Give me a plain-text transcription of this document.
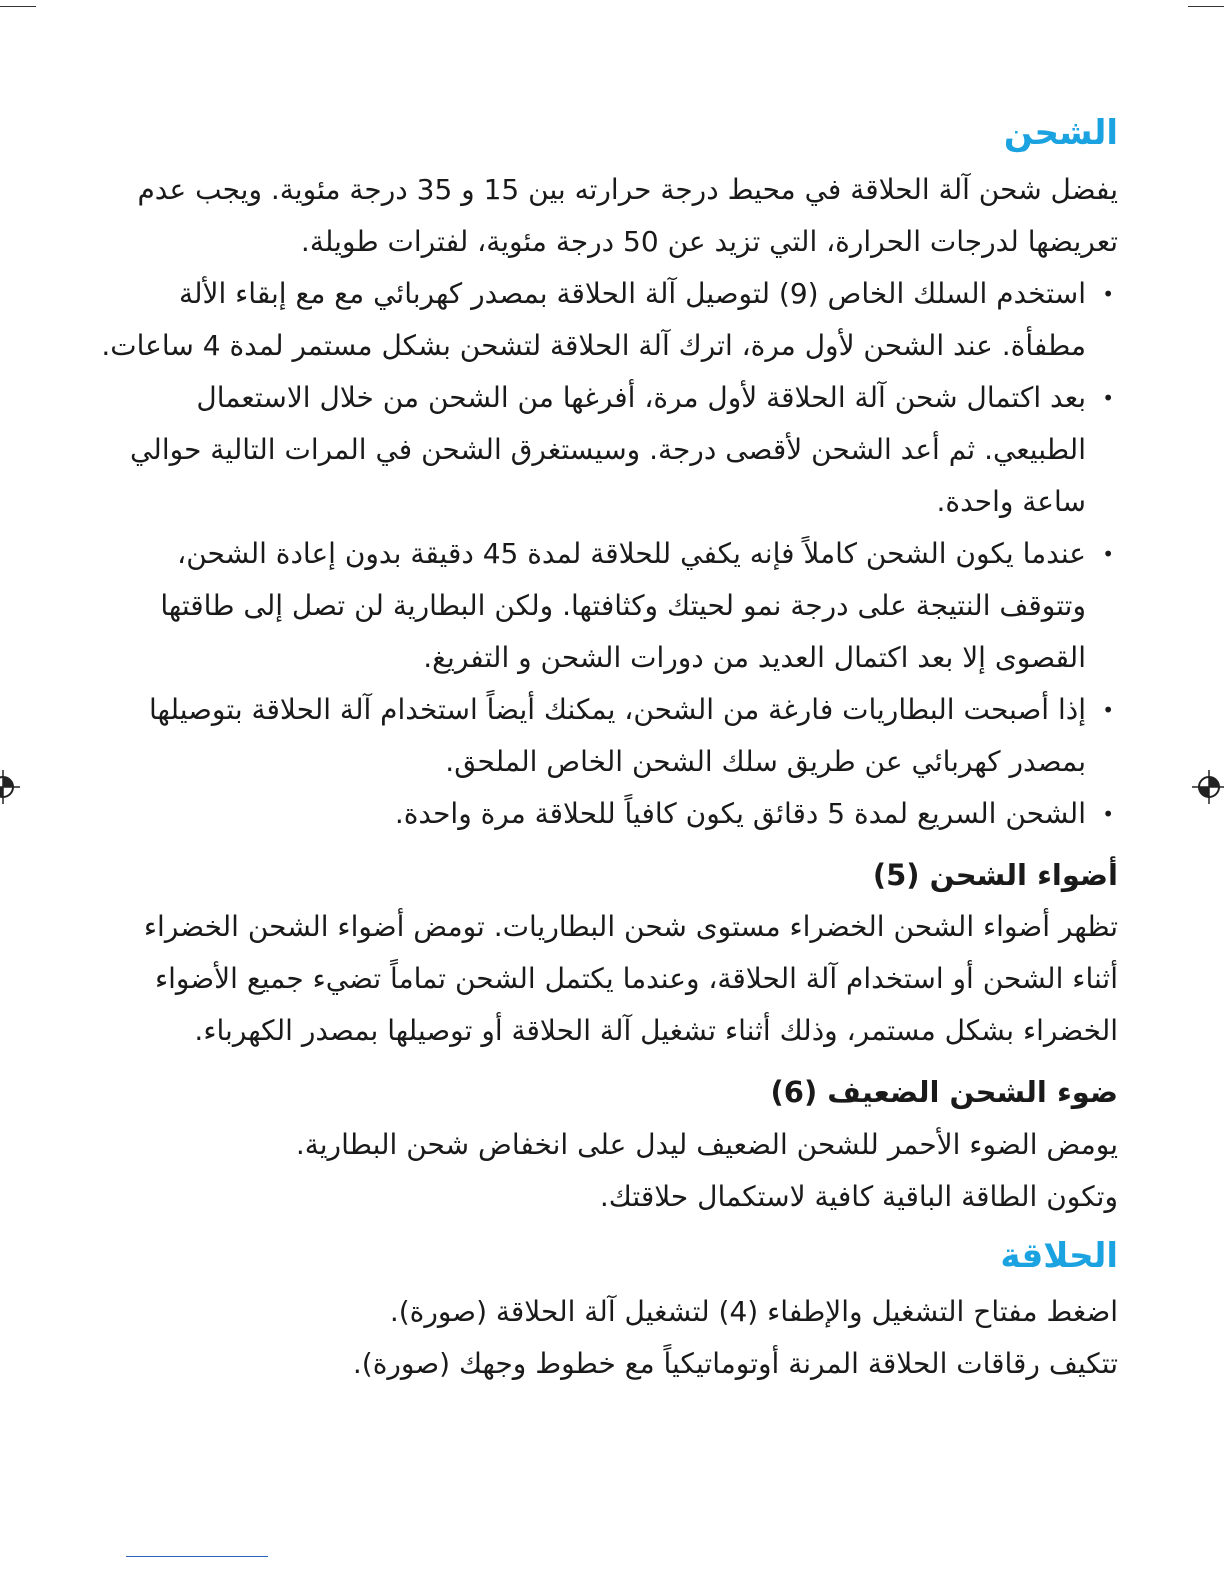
الشحن

يفضل شحن آلة الحلاقة في محيط درجة حرارته بين 15 و 35 درجة مئوية. ويجب عدم تعريضها لدرجات الحرارة، التي تزيد عن 50 درجة مئوية، لفترات طويلة.

•
استخدم السلك الخاص (9) لتوصيل آلة الحلاقة بمصدر كهربائي مع مع إبقاء الألة مطفأة. عند الشحن لأول مرة، اترك آلة الحلاقة لتشحن بشكل مستمر لمدة 4 ساعات.
•
بعد اكتمال شحن آلة الحلاقة لأول مرة، أفرغها من الشحن من خلال الاستعمال الطبيعي. ثم أعد الشحن لأقصى درجة. وسيستغرق الشحن في المرات التالية حوالي ساعة واحدة.
•
عندما يكون الشحن كاملاً فإنه يكفي للحلاقة لمدة 45 دقيقة بدون إعادة الشحن، وتتوقف النتيجة على درجة نمو لحيتك وكثافتها. ولكن البطارية لن تصل إلى طاقتها القصوى إلا بعد اكتمال العديد من دورات الشحن و التفريغ.
•
إذا أصبحت البطاريات فارغة من الشحن، يمكنك أيضاً استخدام آلة الحلاقة بتوصيلها بمصدر كهربائي عن طريق سلك الشحن الخاص الملحق.
•
الشحن السريع لمدة 5 دقائق يكون كافياً للحلاقة مرة واحدة.
أضواء الشحن (5)

تظهر أضواء الشحن الخضراء مستوى شحن البطاريات. تومض أضواء الشحن الخضراء أثناء الشحن أو استخدام آلة الحلاقة، وعندما يكتمل الشحن تماماً تضيء جميع الأضواء الخضراء بشكل مستمر، وذلك أثناء تشغيل آلة الحلاقة أو توصيلها بمصدر الكهرباء.

ضوء الشحن الضعيف (6)

يومض الضوء الأحمر للشحن الضعيف ليدل على انخفاض شحن البطارية.

وتكون الطاقة الباقية كافية لاستكمال حلاقتك.

الحلاقة

اضغط مفتاح التشغيل والإطفاء (4) لتشغيل آلة الحلاقة (صورة).

تتكيف رقاقات الحلاقة المرنة أوتوماتيكياً مع خطوط وجهك (صورة).
